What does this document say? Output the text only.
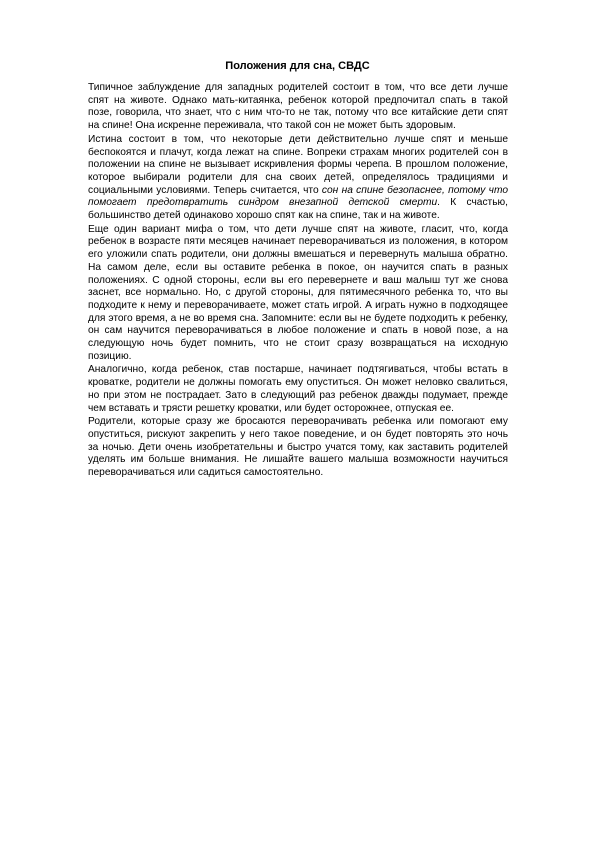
Положения для сна, СВДС

Типичное заблуждение для западных родителей состоит в том, что все дети лучше спят на животе. Однако мать-китаянка, ребенок которой предпочитал спать в такой позе, говорила, что знает, что с ним что-то не так, потому что все китайские дети спят на спине! Она искренне переживала, что такой сон не может быть здоровым.

Истина состоит в том, что некоторые дети действительно лучше спят и меньше беспокоятся и плачут, когда лежат на спине. Вопреки страхам многих родителей сон в положении на спине не вызывает искривления формы черепа. В прошлом положение, которое выбирали родители для сна своих детей, определялось традициями и социальными условиями. Теперь считается, что сон на спине безопаснее, потому что помогает предотвратить синдром внезапной детской смерти. К счастью, большинство детей одинаково хорошо спят как на спине, так и на животе.

Еще один вариант мифа о том, что дети лучше спят на животе, гласит, что, когда ребенок в возрасте пяти месяцев начинает переворачиваться из положения, в котором его уложили спать родители, они должны вмешаться и перевернуть малыша обратно. На самом деле, если вы оставите ребенка в покое, он научится спать в разных положениях. С одной стороны, если вы его перевернете и ваш малыш тут же снова заснет, все нормально. Но, с другой стороны, для пятимесячного ребенка то, что вы подходите к нему и переворачиваете, может стать игрой. А играть нужно в подходящее для этого время, а не во время сна. Запомните: если вы не будете подходить к ребенку, он сам научится переворачиваться в любое положение и спать в новой позе, а на следующую ночь будет помнить, что не стоит сразу возвращаться на исходную позицию.

Аналогично, когда ребенок, став постарше, начинает подтягиваться, чтобы встать в кроватке, родители не должны помогать ему опуститься. Он может неловко свалиться, но при этом не пострадает. Зато в следующий раз ребенок дважды подумает, прежде чем вставать и трясти решетку кроватки, или будет осторожнее, отпуская ее.

Родители, которые сразу же бросаются переворачивать ребенка или помогают ему опуститься, рискуют закрепить у него такое поведение, и он будет повторять это ночь за ночью. Дети очень изобретательны и быстро учатся тому, как заставить родителей уделять им больше внимания. Не лишайте вашего малыша возможности научиться переворачиваться или садиться самостоятельно.
